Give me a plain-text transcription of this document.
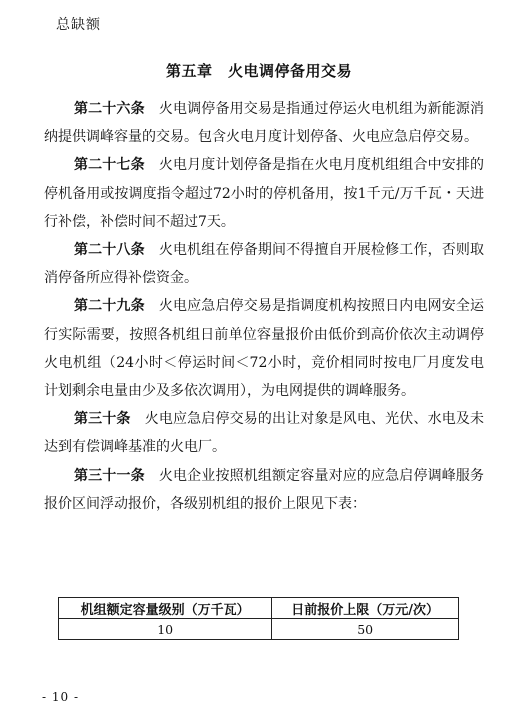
总缺额
第五章　火电调停备用交易

第二十六条　 火电调停备用交易是指通过停运火电机组为新能源消纳提供调峰容量的交易。包含火电月度计划停备、火电应急启停交易。

第二十七条　 火电月度计划停备是指在火电月度机组组合中安排的停机备用或按调度指令超过72小时的停机备用，按1千元/万千瓦・天进行补偿，补偿时间不超过7天。

第二十八条　 火电机组在停备期间不得擅自开展检修工作，否则取消停备所应得补偿资金。

第二十九条　 火电应急启停交易是指调度机构按照日内电网安全运行实际需要，按照各机组日前单位容量报价由低价到高价依次主动调停火电机组（24小时＜停运时间＜72小时，竞价相同时按电厂月度发电计划剩余电量由少及多依次调用），为电网提供的调峰服务。

第三十条　 火电应急启停交易的出让对象是风电、光伏、水电及未达到有偿调峰基准的火电厂。

第三十一条　 火电企业按照机组额定容量对应的应急启停调峰服务报价区间浮动报价，各级别机组的报价上限见下表：

机组额定容量级别（万千瓦）	日前报价上限（万元/次）
10	50
- 10 -
